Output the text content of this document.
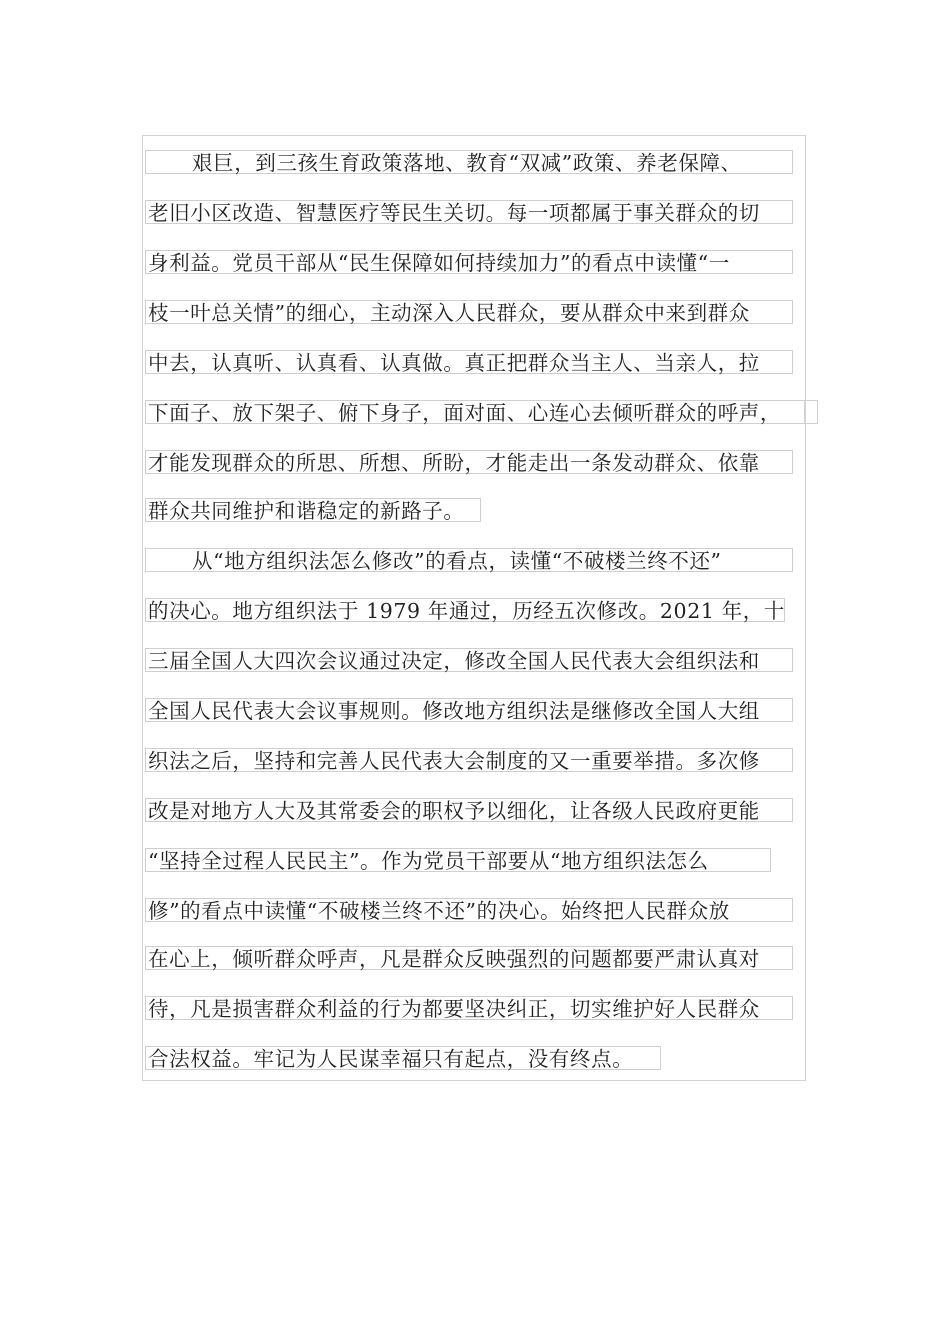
艰巨，到三孩生育政策落地、教育“双减”政策、养老保障、
老旧小区改造、智慧医疗等民生关切。每一项都属于事关群众的切
身利益。党员干部从“民生保障如何持续加力”的看点中读懂“一
枝一叶总关情”的细心，主动深入人民群众，要从群众中来到群众
中去，认真听、认真看、认真做。真正把群众当主人、当亲人，拉
下面子、放下架子、俯下身子，面对面、心连心去倾听群众的呼声，
才能发现群众的所思、所想、所盼，才能走出一条发动群众、依靠
群众共同维护和谐稳定的新路子。
从“地方组织法怎么修改”的看点，读懂“不破楼兰终不还”
的决心。地方组织法于 1979 年通过，历经五次修改。2021 年，十
三届全国人大四次会议通过决定，修改全国人民代表大会组织法和
全国人民代表大会议事规则。修改地方组织法是继修改全国人大组
织法之后，坚持和完善人民代表大会制度的又一重要举措。多次修
改是对地方人大及其常委会的职权予以细化，让各级人民政府更能
“坚持全过程人民民主”。作为党员干部要从“地方组织法怎么
修”的看点中读懂“不破楼兰终不还”的决心。始终把人民群众放
在心上，倾听群众呼声，凡是群众反映强烈的问题都要严肃认真对
待，凡是损害群众利益的行为都要坚决纠正，切实维护好人民群众
合法权益。牢记为人民谋幸福只有起点，没有终点。
